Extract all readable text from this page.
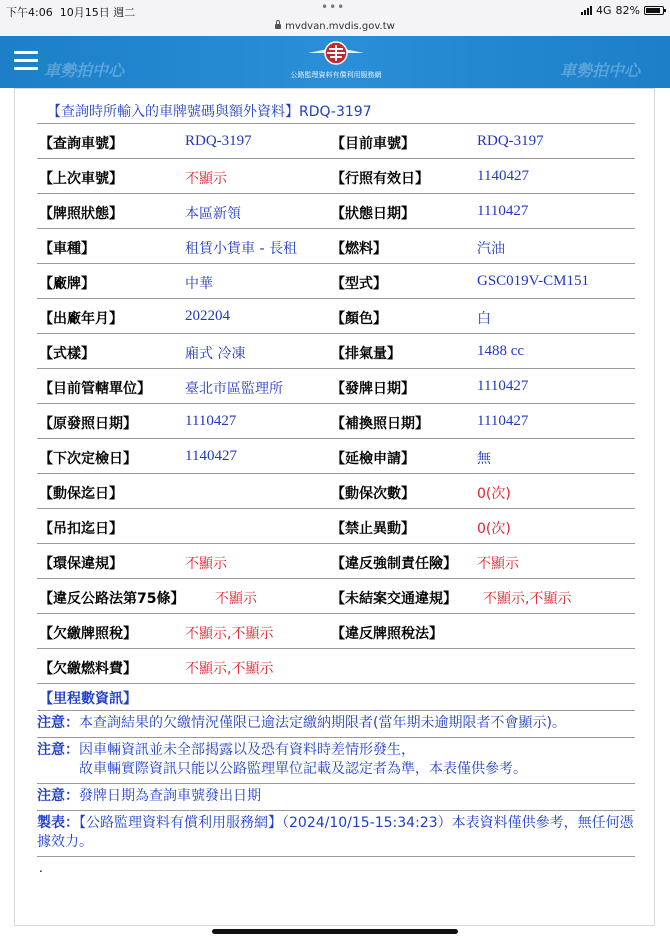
下午4:06 10月15日 週二	•••	4G 82%
mvdvan.mvdis.gov.tw
車勢拍中心	車勢拍中心
公路監理資料有償利用服務網
【查詢時所輸入的車牌號碼與額外資料】RDQ-3197
【查詢車號】	RDQ-3197	【目前車號】	RDQ-3197
【上次車號】	不顯示	【行照有效日】	1140427
【牌照狀態】	本區新領	【狀態日期】	1110427
【車種】	租賃小貨車 - 長租 【燃料】	汽油
【廠牌】	中華	【型式】	GSC019V-CM151
【出廠年月】	202204	【顏色】	白
【式樣】	廂式 冷凍	【排氣量】	1488 cc
【目前管轄單位】 臺北市區監理所	【發牌日期】	1110427
【原發照日期】	1110427	【補換照日期】	1110427
【下次定檢日】	1140427	【延檢申請】	無
【動保迄日】	【動保次數】	0(次)
【吊扣迄日】	【禁止異動】	0(次)
【環保違規】	不顯示	【違反強制責任險】 不顯示
【違反公路法第75條】 不顯示	【未結案交通違規】 不顯示,不顯示
【欠繳牌照稅】	不顯示,不顯示	【違反牌照稅法】
【欠繳燃料費】	不顯示,不顯示
【里程數資訊】
注意：本查詢結果的欠繳情況僅限已逾法定繳納期限者(當年期未逾期限者不會顯示)。
注意：因車輛資訊並未全部揭露以及恐有資料時差情形發生，
故車輛實際資訊只能以公路監理單位記載及認定者為準，本表僅供參考。
注意：發牌日期為查詢車號發出日期
製表：【公路監理資料有償利用服務網】（2024/10/15-15:34:23）本表資料僅供參考，無任何憑據效力。
.
